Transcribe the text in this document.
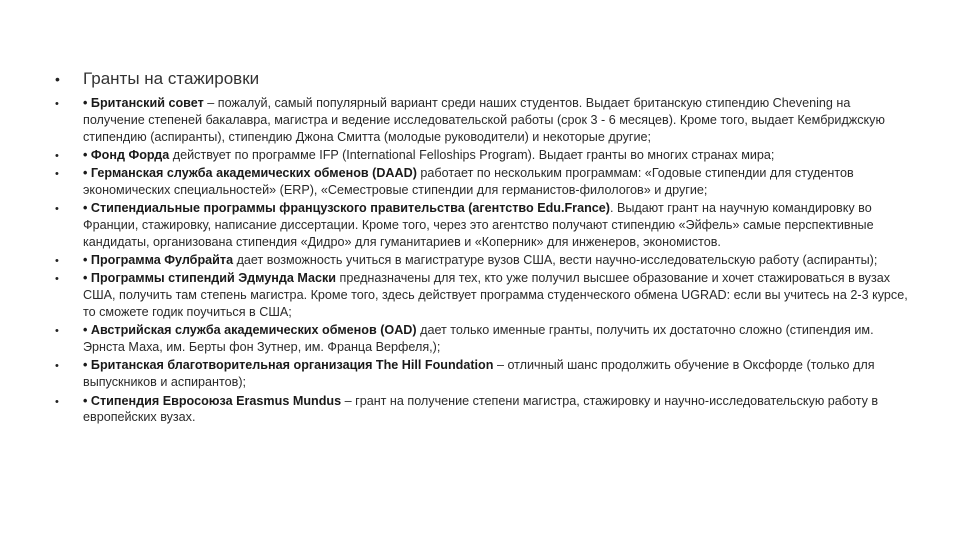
• Гранты на стажировки
• • Британский совет – пожалуй, самый популярный вариант среди наших студентов. Выдает британскую стипендию Chevening на получение степеней бакалавра, магистра и ведение исследовательской работы (срок 3 - 6 месяцев). Кроме того, выдает Кембриджскую стипендию (аспиранты), стипендию Джона Смитта (молодые руководители) и некоторые другие;
• • Фонд Форда действует по программе IFP (International Felloships Program). Выдает гранты во многих странах мира;
• • Германская служба академических обменов (DAAD) работает по нескольким программам: «Годовые стипендии для студентов экономических специальностей» (ERP), «Семестровые стипендии для германистов-филологов» и другие;
• • Стипендиальные программы французского правительства (агентство Edu.France). Выдают грант на научную командировку во Франции, стажировку, написание диссертации. Кроме того, через это агентство получают стипендию «Эйфель» самые перспективные кандидаты, организована стипендия «Дидро» для гуманитариев и «Коперник» для инженеров, экономистов.
• • Программа Фулбрайта дает возможность учиться в магистратуре вузов США, вести научно-исследовательскую работу (аспиранты);
• • Программы стипендий Эдмунда Маски предназначены для тех, кто уже получил высшее образование и хочет стажироваться в вузах США, получить там степень магистра. Кроме того, здесь действует программа студенческого обмена UGRAD: если вы учитесь на 2-3 курсе, то сможете годик поучиться в США;
• • Австрийская служба академических обменов (OAD) дает только именные гранты, получить их достаточно сложно (стипендия им. Эрнста Маха, им. Берты фон Зутнер, им. Франца Верфеля,);
• • Британская благотворительная организация The Hill Foundation – отличный шанс продолжить обучение в Оксфорде (только для выпускников и аспирантов);
• • Стипендия Евросоюза Erasmus Mundus – грант на получение степени магистра, стажировку и научно-исследовательскую работу в европейских вузах.
